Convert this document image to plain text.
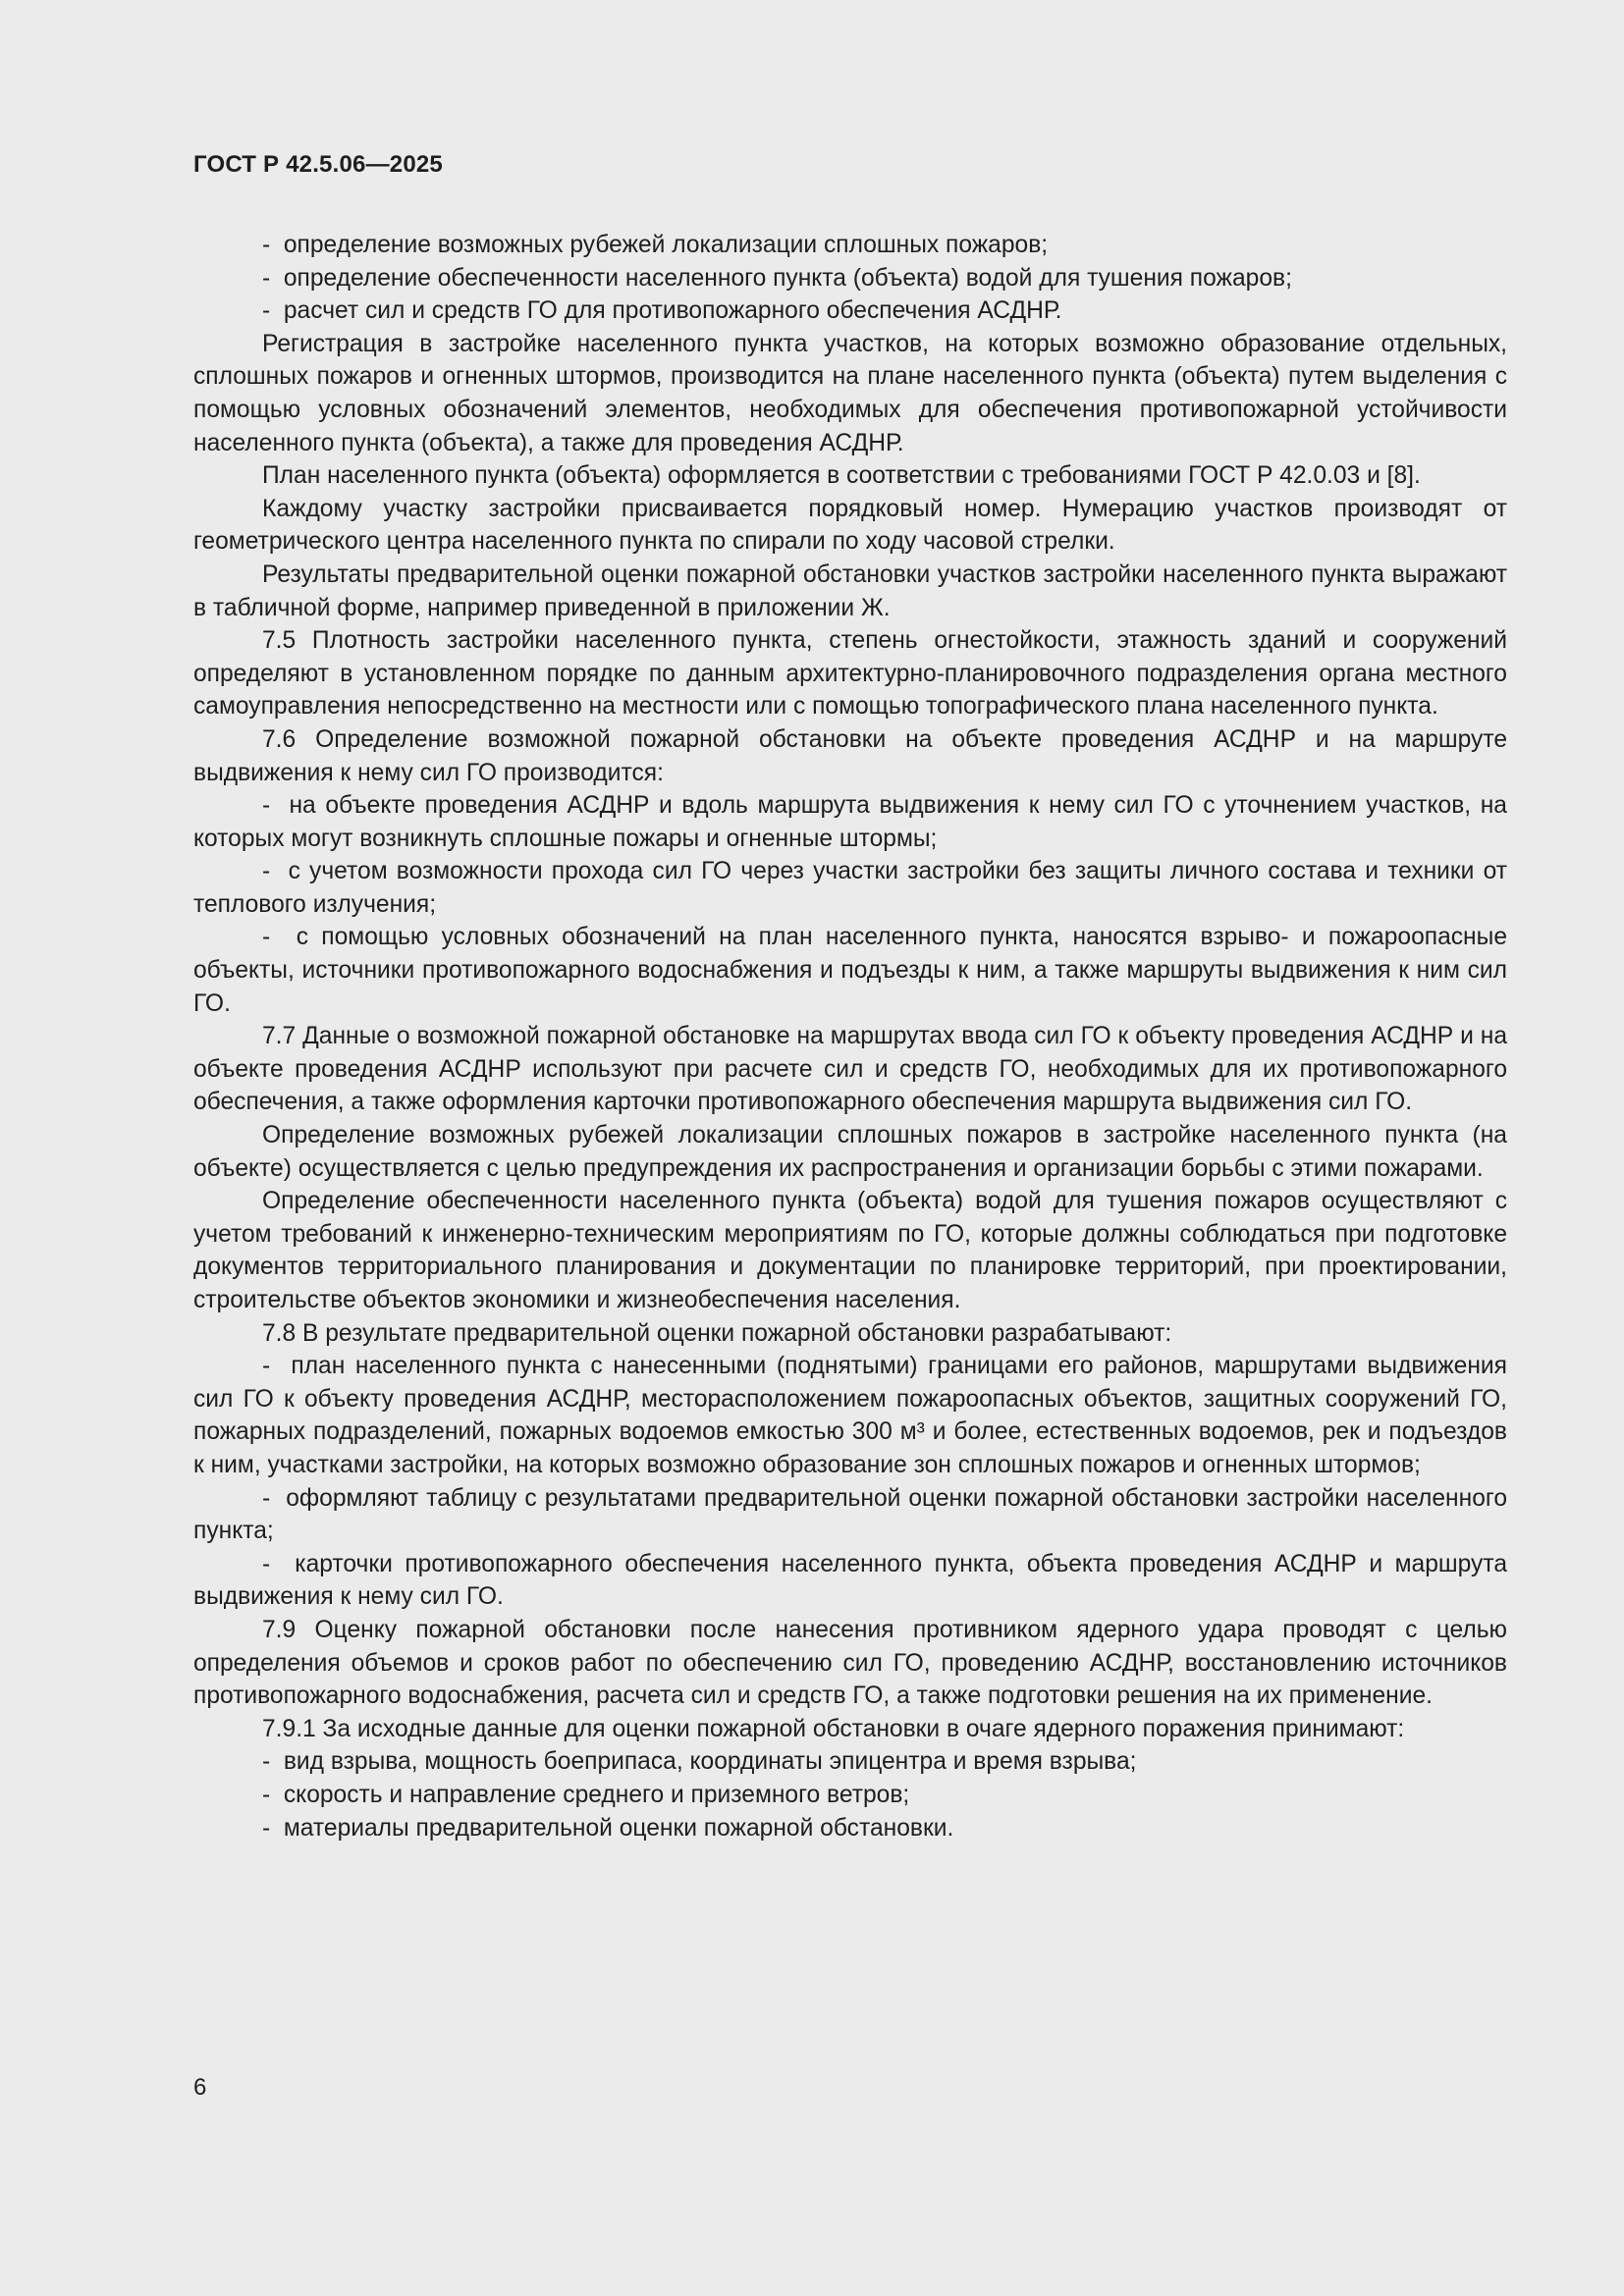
ГОСТ Р 42.5.06—2025

-  определение возможных рубежей локализации сплошных пожаров;

-  определение обеспеченности населенного пункта (объекта) водой для тушения пожаров;

-  расчет сил и средств ГО для противопожарного обеспечения АСДНР.

Регистрация в застройке населенного пункта участков, на которых возможно образование отдельных, сплошных пожаров и огненных штормов, производится на плане населенного пункта (объекта) путем выделения с помощью условных обозначений элементов, необходимых для обеспечения противопожарной устойчивости населенного пункта (объекта), а также для проведения АСДНР.

План населенного пункта (объекта) оформляется в соответствии с требованиями ГОСТ Р 42.0.03 и [8].

Каждому участку застройки присваивается порядковый номер. Нумерацию участков производят от геометрического центра населенного пункта по спирали по ходу часовой стрелки.

Результаты предварительной оценки пожарной обстановки участков застройки населенного пункта выражают в табличной форме, например приведенной в приложении Ж.

7.5 Плотность застройки населенного пункта, степень огнестойкости, этажность зданий и сооружений определяют в установленном порядке по данным архитектурно-планировочного подразделения органа местного самоуправления непосредственно на местности или с помощью топографического плана населенного пункта.

7.6 Определение возможной пожарной обстановки на объекте проведения АСДНР и на маршруте выдвижения к нему сил ГО производится:

-  на объекте проведения АСДНР и вдоль маршрута выдвижения к нему сил ГО с уточнением участков, на которых могут возникнуть сплошные пожары и огненные штормы;

-  с учетом возможности прохода сил ГО через участки застройки без защиты личного состава и техники от теплового излучения;

-  с помощью условных обозначений на план населенного пункта, наносятся взрыво- и пожароопасные объекты, источники противопожарного водоснабжения и подъезды к ним, а также маршруты выдвижения к ним сил ГО.

7.7 Данные о возможной пожарной обстановке на маршрутах ввода сил ГО к объекту проведения АСДНР и на объекте проведения АСДНР используют при расчете сил и средств ГО, необходимых для их противопожарного обеспечения, а также оформления карточки противопожарного обеспечения маршрута выдвижения сил ГО.

Определение возможных рубежей локализации сплошных пожаров в застройке населенного пункта (на объекте) осуществляется с целью предупреждения их распространения и организации борьбы с этими пожарами.

Определение обеспеченности населенного пункта (объекта) водой для тушения пожаров осуществляют с учетом требований к инженерно-техническим мероприятиям по ГО, которые должны соблюдаться при подготовке документов территориального планирования и документации по планировке территорий, при проектировании, строительстве объектов экономики и жизнеобеспечения населения.

7.8 В результате предварительной оценки пожарной обстановки разрабатывают:

-  план населенного пункта с нанесенными (поднятыми) границами его районов, маршрутами выдвижения сил ГО к объекту проведения АСДНР, месторасположением пожароопасных объектов, защитных сооружений ГО, пожарных подразделений, пожарных водоемов емкостью 300 м³ и более, естественных водоемов, рек и подъездов к ним, участками застройки, на которых возможно образование зон сплошных пожаров и огненных штормов;

-  оформляют таблицу с результатами предварительной оценки пожарной обстановки застройки населенного пункта;

-  карточки противопожарного обеспечения населенного пункта, объекта проведения АСДНР и маршрута выдвижения к нему сил ГО.

7.9 Оценку пожарной обстановки после нанесения противником ядерного удара проводят с целью определения объемов и сроков работ по обеспечению сил ГО, проведению АСДНР, восстановлению источников противопожарного водоснабжения, расчета сил и средств ГО, а также подготовки решения на их применение.

7.9.1 За исходные данные для оценки пожарной обстановки в очаге ядерного поражения принимают:

-  вид взрыва, мощность боеприпаса, координаты эпицентра и время взрыва;

-  скорость и направление среднего и приземного ветров;

-  материалы предварительной оценки пожарной обстановки.

6
